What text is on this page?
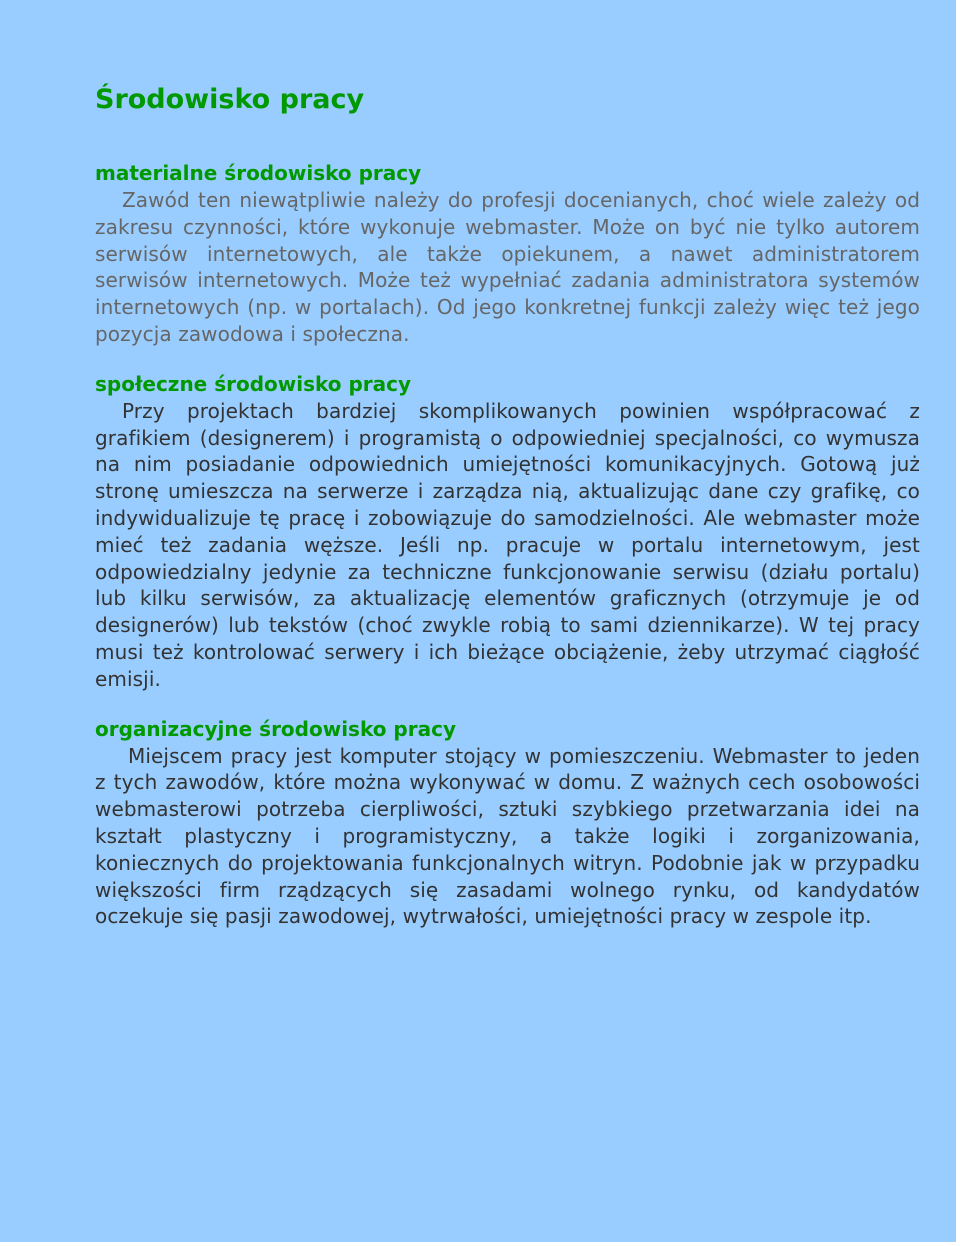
Środowisko pracy
materialne środowisko pracy

Zawód ten niewątpliwie należy do profesji docenianych, choć wiele zależy od zakresu czynności, które wykonuje webmaster. Może on być nie tylko autorem serwisów internetowych, ale także opiekunem, a nawet administratorem serwisów internetowych. Może też wypełniać zadania administratora systemów internetowych (np. w portalach). Od jego konkretnej funkcji zależy więc też jego pozycja zawodowa i społeczna.

społeczne środowisko pracy

Przy projektach bardziej skomplikowanych powinien współpracować z grafikiem (designerem) i programistą o odpowiedniej specjalności, co wymusza na nim posiadanie odpowiednich umiejętności komunikacyjnych. Gotową już stronę umieszcza na serwerze i zarządza nią, aktualizując dane czy grafikę, co indywidualizuje tę pracę i zobowiązuje do samodzielności. Ale webmaster może mieć też zadania węższe. Jeśli np. pracuje w portalu internetowym, jest odpowiedzialny jedynie za techniczne funkcjonowanie serwisu (działu portalu) lub kilku serwisów, za aktualizację elementów graficznych (otrzymuje je od designerów) lub tekstów (choć zwykle robią to sami dziennikarze). W tej pracy musi też kontrolować serwery i ich bieżące obciążenie, żeby utrzymać ciągłość emisji.

organizacyjne środowisko pracy

Miejscem pracy jest komputer stojący w pomieszczeniu. Webmaster to jeden z tych zawodów, które można wykonywać w domu. Z ważnych cech osobowości webmasterowi potrzeba cierpliwości, sztuki szybkiego przetwarzania idei na kształt plastyczny i programistyczny, a także logiki i zorganizowania, koniecznych do projektowania funkcjonalnych witryn. Podobnie jak w przypadku większości firm rządzących się zasadami wolnego rynku, od kandydatów oczekuje się pasji zawodowej, wytrwałości, umiejętności pracy w zespole itp.
